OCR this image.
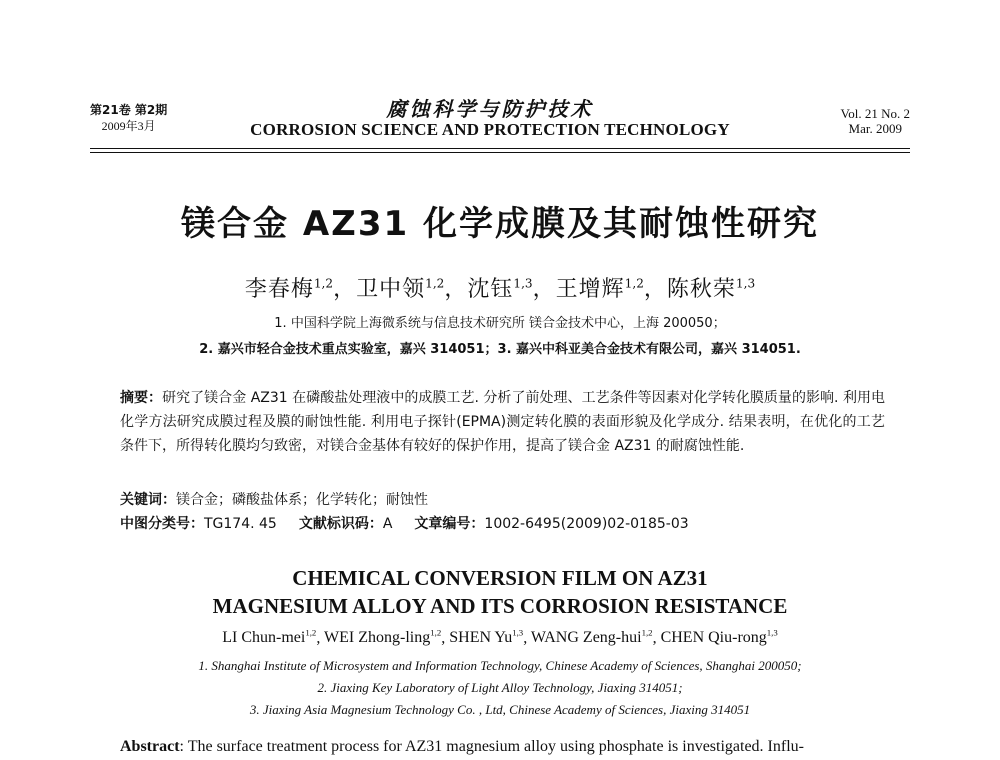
第21卷 第2期
2009年3月
腐蚀科学与防护技术
CORROSION SCIENCE AND PROTECTION TECHNOLOGY
Vol. 21 No. 2
Mar. 2009
镁合金 AZ31 化学成膜及其耐蚀性研究
李春梅$^{1,2}$，卫中领$^{1,2}$，沈钰$^{1,3}$，王增辉$^{1,2}$，陈秋荣$^{1,3}$
1. 中国科学院上海微系统与信息技术研究所 镁合金技术中心，上海 200050；
2. 嘉兴市轻合金技术重点实验室，嘉兴 314051；3. 嘉兴中科亚美合金技术有限公司，嘉兴 314051.
摘要：研究了镁合金 AZ31 在磷酸盐处理液中的成膜工艺. 分析了前处理、工艺条件等因素对化学转化膜质量的影响. 利用电化学方法研究成膜过程及膜的耐蚀性能. 利用电子探针(EPMA)测定转化膜的表面形貌及化学成分. 结果表明，在优化的工艺条件下，所得转化膜均匀致密，对镁合金基体有较好的保护作用，提高了镁合金 AZ31 的耐腐蚀性能.
关键词：镁合金；磷酸盐体系；化学转化；耐蚀性
中图分类号：TG174. 45 文献标识码：A 文章编号：1002-6495(2009)02-0185-03
CHEMICAL CONVERSION FILM ON AZ31
MAGNESIUM ALLOY AND ITS CORROSION RESISTANCE
LI Chun-mei$^{1,2}$, WEI Zhong-ling$^{1,2}$, SHEN Yu$^{1,3}$, WANG Zeng-hui$^{1,2}$, CHEN Qiu-rong$^{1,3}$
1. Shanghai Institute of Microsystem and Information Technology, Chinese Academy of Sciences, Shanghai 200050;
2. Jiaxing Key Laboratory of Light Alloy Technology, Jiaxing 314051;
3. Jiaxing Asia Magnesium Technology Co. , Ltd, Chinese Academy of Sciences, Jiaxing 314051
Abstract: The surface treatment process for AZ31 magnesium alloy using phosphate is investigated. Influ-
